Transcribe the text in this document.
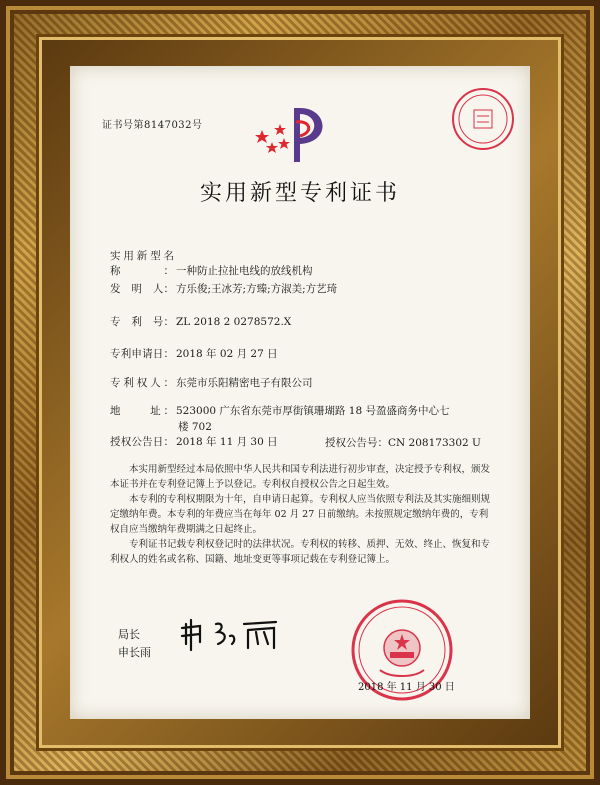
证书号第8147032号
实用新型专利证书
实用新型名称： 一种防止拉扯电线的放线机构
发　明　人： 方乐俊;王冰芳;方臻;方淑美;方艺琦
专　利　号： ZL 2018 2 0278572.X
专利申请日： 2018 年 02 月 27 日
专利权人： 东莞市乐阳精密电子有限公司
地　　址： 523000 广东省东莞市厚街镇珊瑚路 18 号盈盛商务中心七
楼 702
授权公告日： 2018 年 11 月 30 日	授权公告号：CN 208173302 U
本实用新型经过本局依照中华人民共和国专利法进行初步审查，决定授予专利权，颁发本证书并在专利登记簿上予以登记。专利权自授权公告之日起生效。
本专利的专利权期限为十年，自申请日起算。专利权人应当依照专利法及其实施细则规定缴纳年费。本专利的年费应当在每年 02 月 27 日前缴纳。未按照规定缴纳年费的，专利权自应当缴纳年费期满之日起终止。
专利证书记载专利权登记时的法律状况。专利权的转移、质押、无效、终止、恢复和专利权人的姓名或名称、国籍、地址变更等事项记载在专利登记簿上。
局长
申长雨
2018 年 11 月 30 日
